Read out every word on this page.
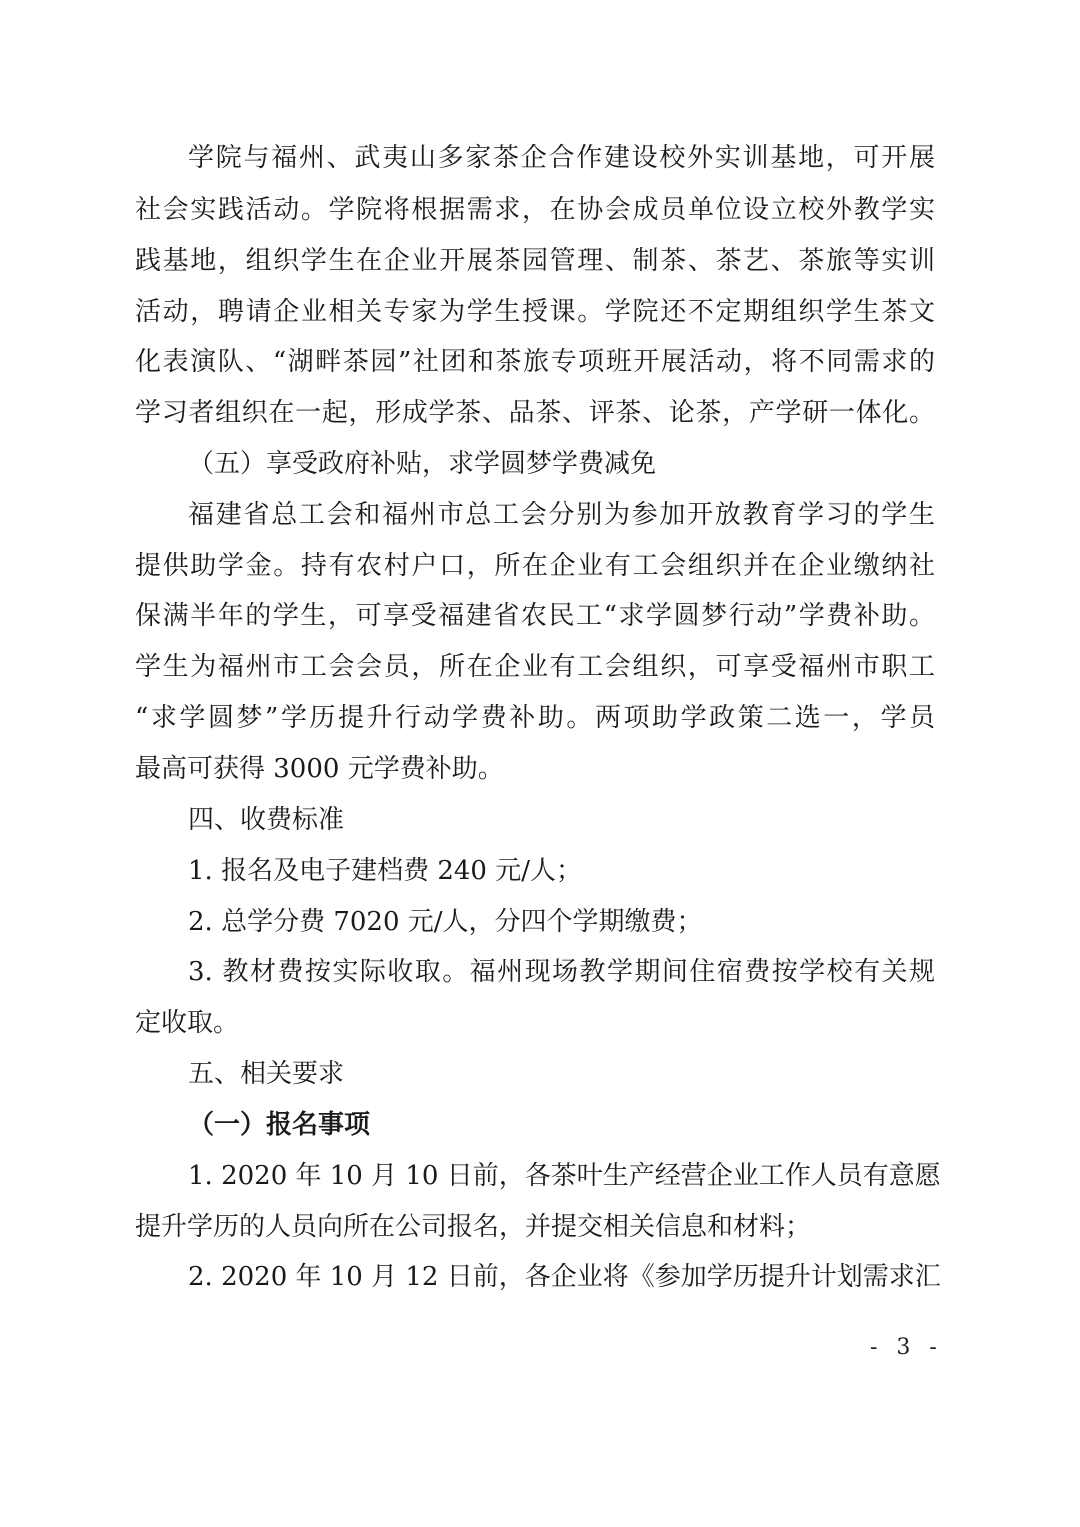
学院与福州、武夷山多家茶企合作建设校外实训基地，可开展
社会实践活动。学院将根据需求，在协会成员单位设立校外教学实
践基地，组织学生在企业开展茶园管理、制茶、茶艺、茶旅等实训
活动，聘请企业相关专家为学生授课。学院还不定期组织学生茶文
化表演队、“湖畔茶园”社团和茶旅专项班开展活动，将不同需求的
学习者组织在一起，形成学茶、品茶、评茶、论茶，产学研一体化。
（五）享受政府补贴，求学圆梦学费减免
福建省总工会和福州市总工会分别为参加开放教育学习的学生
提供助学金。持有农村户口，所在企业有工会组织并在企业缴纳社
保满半年的学生，可享受福建省农民工“求学圆梦行动”学费补助。
学生为福州市工会会员，所在企业有工会组织，可享受福州市职工
“求学圆梦”学历提升行动学费补助。两项助学政策二选一，学员
最高可获得 3000 元学费补助。
四、收费标准
1. 报名及电子建档费 240 元/人；
2. 总学分费 7020 元/人，分四个学期缴费；
3. 教材费按实际收取。福州现场教学期间住宿费按学校有关规
定收取。
五、相关要求
（一）报名事项
1. 2020 年 10 月 10 日前，各茶叶生产经营企业工作人员有意愿
提升学历的人员向所在公司报名，并提交相关信息和材料；
2. 2020 年 10 月 12 日前，各企业将《参加学历提升计划需求汇
- 3 -
